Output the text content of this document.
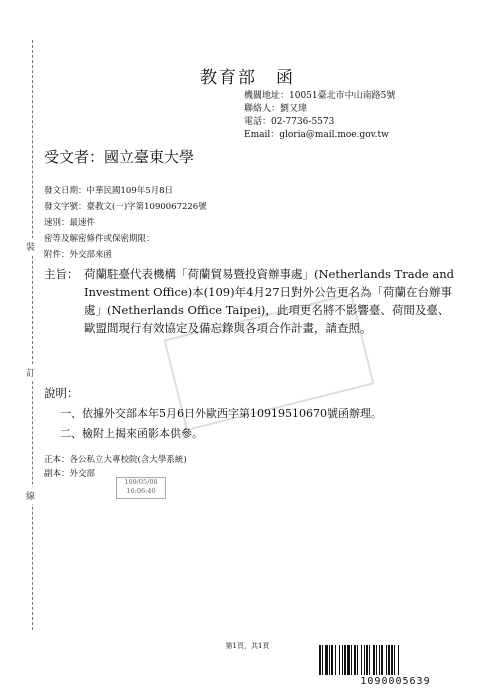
裝
訂
線
教育部　函
機關地址：10051臺北市中山南路5號
聯絡人：劉又瑋
電話：02-7736-5573
Email：gloria@mail.moe.gov.tw
受文者：國立臺東大學
發文日期：中華民國109年5月8日
發文字號：臺教文(一)字第1090067226號
速別：最速件
密等及解密條件或保密期限：
附件：外交部來函
主旨： 荷蘭駐臺代表機構「荷蘭貿易暨投資辦事處」(Netherlands Trade and Investment Office)本(109)年4月27日對外公告更名為「荷蘭在台辦事處」(Netherlands Office Taipei)，此項更名將不影響臺、荷間及臺、歐盟間現行有效協定及備忘錄與各項合作計畫，請查照。
說明：
一、依據外交部本年5月6日外歐西字第10919510670號函辦理。
二、檢附上揭來函影本供參。
正本：各公私立大專校院(含大學系統)
副本：外交部
109/05/08
16:06:40
第1頁，共1頁
1090005639
